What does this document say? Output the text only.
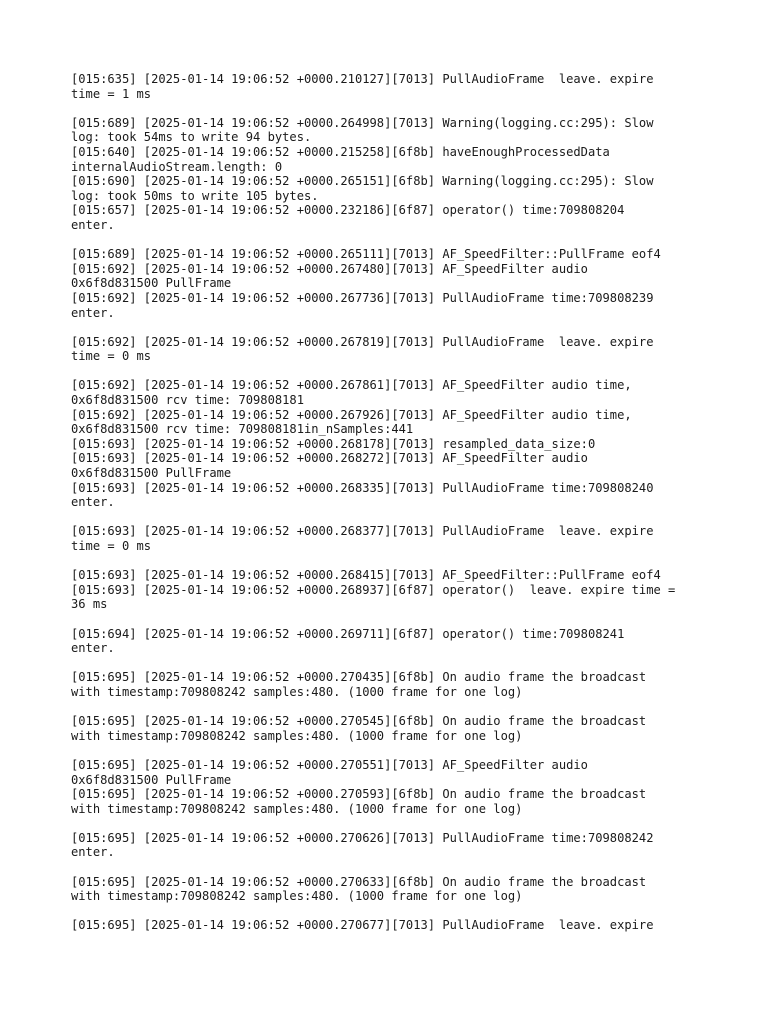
[015:635] [2025-01-14 19:06:52 +0000.210127][7013] PullAudioFrame  leave. expire
time = 1 ms

[015:689] [2025-01-14 19:06:52 +0000.264998][7013] Warning(logging.cc:295): Slow
log: took 54ms to write 94 bytes.

[015:640] [2025-01-14 19:06:52 +0000.215258][6f8b] haveEnoughProcessedData
internalAudioStream.length: 0

[015:690] [2025-01-14 19:06:52 +0000.265151][6f8b] Warning(logging.cc:295): Slow
log: took 50ms to write 105 bytes.

[015:657] [2025-01-14 19:06:52 +0000.232186][6f87] operator() time:709808204
enter.

[015:689] [2025-01-14 19:06:52 +0000.265111][7013] AF_SpeedFilter::PullFrame eof4

[015:692] [2025-01-14 19:06:52 +0000.267480][7013] AF_SpeedFilter audio
0x6f8d831500 PullFrame

[015:692] [2025-01-14 19:06:52 +0000.267736][7013] PullAudioFrame time:709808239
enter.

[015:692] [2025-01-14 19:06:52 +0000.267819][7013] PullAudioFrame  leave. expire
time = 0 ms

[015:692] [2025-01-14 19:06:52 +0000.267861][7013] AF_SpeedFilter audio time,
0x6f8d831500 rcv time: 709808181

[015:692] [2025-01-14 19:06:52 +0000.267926][7013] AF_SpeedFilter audio time,
0x6f8d831500 rcv time: 709808181in_nSamples:441

[015:693] [2025-01-14 19:06:52 +0000.268178][7013] resampled_data_size:0

[015:693] [2025-01-14 19:06:52 +0000.268272][7013] AF_SpeedFilter audio
0x6f8d831500 PullFrame

[015:693] [2025-01-14 19:06:52 +0000.268335][7013] PullAudioFrame time:709808240
enter.

[015:693] [2025-01-14 19:06:52 +0000.268377][7013] PullAudioFrame  leave. expire
time = 0 ms

[015:693] [2025-01-14 19:06:52 +0000.268415][7013] AF_SpeedFilter::PullFrame eof4

[015:693] [2025-01-14 19:06:52 +0000.268937][6f87] operator()  leave. expire time =
36 ms

[015:694] [2025-01-14 19:06:52 +0000.269711][6f87] operator() time:709808241
enter.

[015:695] [2025-01-14 19:06:52 +0000.270435][6f8b] On audio frame the broadcast
with timestamp:709808242 samples:480. (1000 frame for one log)

[015:695] [2025-01-14 19:06:52 +0000.270545][6f8b] On audio frame the broadcast
with timestamp:709808242 samples:480. (1000 frame for one log)

[015:695] [2025-01-14 19:06:52 +0000.270551][7013] AF_SpeedFilter audio
0x6f8d831500 PullFrame

[015:695] [2025-01-14 19:06:52 +0000.270593][6f8b] On audio frame the broadcast
with timestamp:709808242 samples:480. (1000 frame for one log)

[015:695] [2025-01-14 19:06:52 +0000.270626][7013] PullAudioFrame time:709808242
enter.

[015:695] [2025-01-14 19:06:52 +0000.270633][6f8b] On audio frame the broadcast
with timestamp:709808242 samples:480. (1000 frame for one log)

[015:695] [2025-01-14 19:06:52 +0000.270677][7013] PullAudioFrame  leave. expire
